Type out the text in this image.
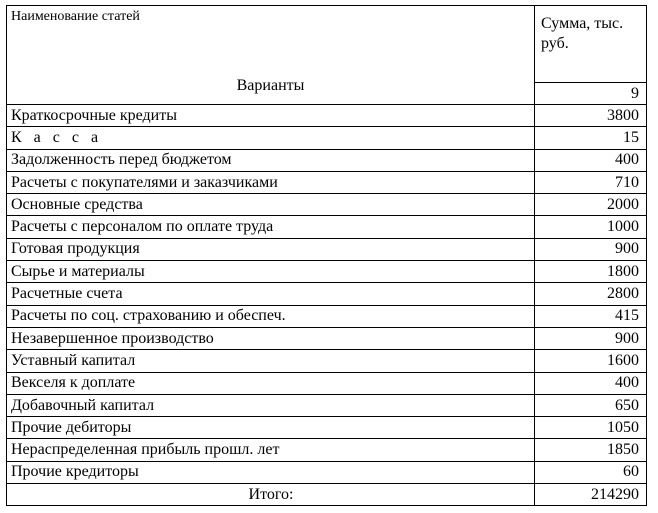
Наименование статей
Варианты	Сумма, тыс. руб.
	9
Краткосрочные кредиты	3800
К а с с а	15
Задолженность перед бюджетом	400
Расчеты с покупателями и заказчиками	710
Основные средства	2000
Расчеты с персоналом по оплате труда	1000
Готовая продукция	900
Сырье и материалы	1800
Расчетные счета	2800
Расчеты по соц. страхованию и обеспеч.	415
Незавершенное производство	900
Уставный капитал	1600
Векселя к доплате	400
Добавочный капитал	650
Прочие дебиторы	1050
Нераспределенная прибыль прошл. лет	1850
Прочие кредиторы	60
Итого:	214290
